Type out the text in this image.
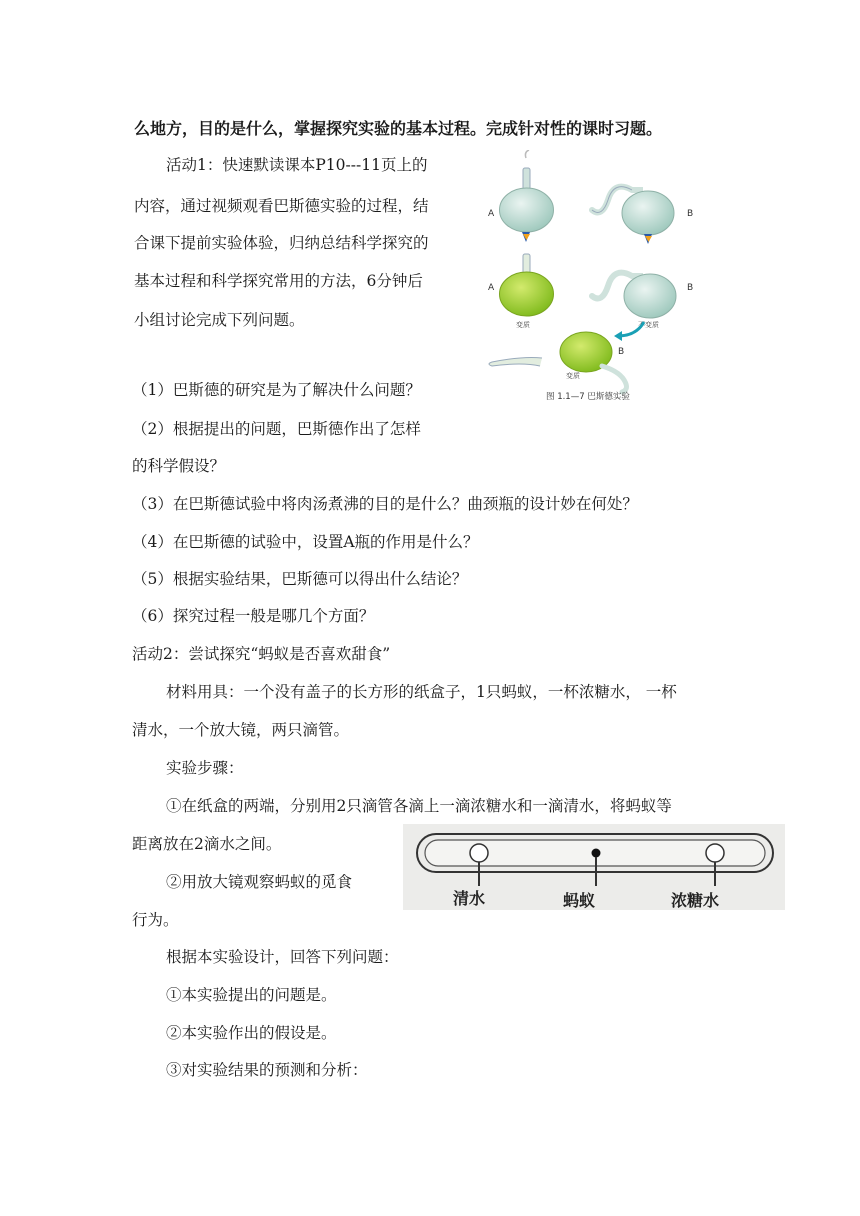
么地方，目的是什么，掌握探究实验的基本过程。完成针对性的课时习题。
活动1：快速默读课本P10---11页上的
内容，通过视频观看巴斯德实验的过程，结
合课下提前实验体验，归纳总结科学探究的
基本过程和科学探究常用的方法，6分钟后
小组讨论完成下列问题。
（1）巴斯德的研究是为了解决什么问题？
（2）根据提出的问题，巴斯德作出了怎样
的科学假设？
（3）在巴斯德试验中将肉汤煮沸的目的是什么？曲颈瓶的设计妙在何处？
（4）在巴斯德的试验中，设置A瓶的作用是什么？
（5）根据实验结果，巴斯德可以得出什么结论？
（6）探究过程一般是哪几个方面？
A	B
A
变质
B
不变质
B
变质
图 1.1—7 巴斯德实验
活动2：尝试探究“蚂蚁是否喜欢甜食”
材料用具：一个没有盖子的长方形的纸盒子，1只蚂蚁，一杯浓糖水， 一杯
清水，一个放大镜，两只滴管。
实验步骤：
①在纸盒的两端，分别用2只滴管各滴上一滴浓糖水和一滴清水，将蚂蚁等
距离放在2滴水之间。
②用放大镜观察蚂蚁的觅食
行为。
清水	蚂蚁	浓糖水
根据本实验设计，回答下列问题：
①本实验提出的问题是。
②本实验作出的假设是。
③对实验结果的预测和分析：
